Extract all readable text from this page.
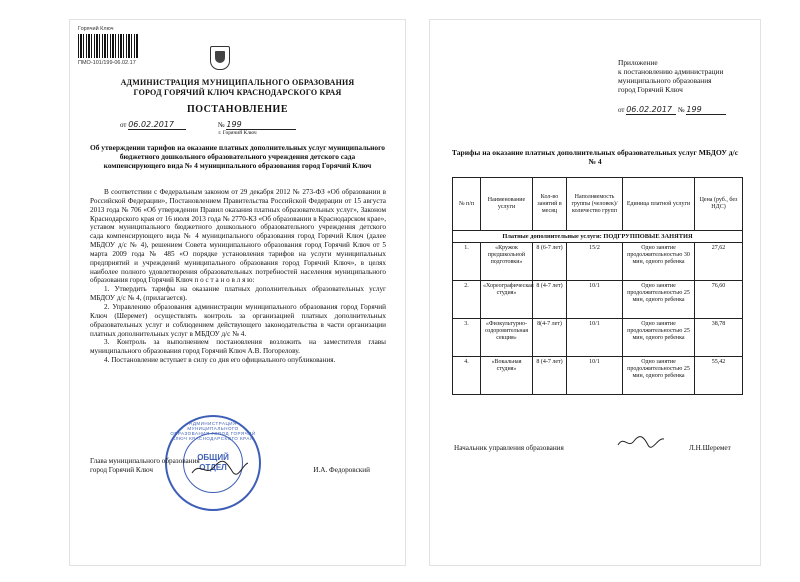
Горячий Ключ
ПМО-101/199-06.02.17
АДМИНИСТРАЦИЯ МУНИЦИПАЛЬНОГО ОБРАЗОВАНИЯ
ГОРОД ГОРЯЧИЙ КЛЮЧ КРАСНОДАРСКОГО КРАЯ
ПОСТАНОВЛЕНИЕ
от 06.02.2017	№ 199
г. Горячий Ключ
Об утверждении тарифов на оказание платных дополнительных услуг муниципального бюджетного дошкольного образовательного учреждения детского сада компенсирующего вида № 4 муниципального образования город Горячий Ключ

В соответствии с Федеральным законом от 29 декабря 2012 № 273-ФЗ «Об образовании в Российской Федерации», Постановлением Правительства Российской Федерации от 15 августа 2013 года № 706 «Об утверждении Правил оказания платных образовательных услуг», Законом Краснодарского края от 16 июля 2013 года № 2770-КЗ «Об образовании в Краснодарском крае», уставом муниципального бюджетного дошкольного образовательного учреждения детского сада компенсирующего вида № 4 муниципального образования город Горячий Ключ (далее МБДОУ д/с № 4), решением Совета муниципального образования город Горячий Ключ от 5 марта 2009 года № 485 «О порядке установления тарифов на услуги муниципальных предприятий и учреждений муниципального образования город Горячий Ключ», в целях наиболее полного удовлетворения образовательных потребностей населения муниципального образования город Горячий Ключ п о с т а н о в л я ю:

1. Утвердить тарифы на оказание платных дополнительных образовательных услуг МБДОУ д/с № 4, (прилагается).

2. Управлению образования администрации муниципального образования город Горячий Ключ (Шеремет) осуществлять контроль за организацией платных дополнительных образовательных услуг и соблюдением действующего законодательства в части организации платных дополнительных услуг в МБДОУ д/с № 4.

3. Контроль за выполнением постановления возложить на заместителя главы муниципального образования город Горячий Ключ А.В. Погорелову.

4. Постановление вступает в силу со дня его официального опубликования.

АДМИНИСТРАЦИЯ МУНИЦИПАЛЬНОГО ОБРАЗОВАНИЯ ГОРОД ГОРЯЧИЙ КЛЮЧ КРАСНОДАРСКОГО КРАЯ
ОБЩИЙ
ОТДЕЛ
Глава муниципального образования
город Горячий Ключ	И.А. Федоровский
Приложение
к постановлению администрации
муниципального образования
город Горячий Ключ
от 06.02.2017 № 199
Тарифы на оказание платных дополнительных образовательных услуг МБДОУ д/с № 4
№ п/п	Наименование услуги	Кол-во занятий в месяц	Наполняемость группы (человек)/ количество групп	Единица платной услуги	Цена (руб., без НДС)
Платные дополнительные услуги: ПОДГРУППОВЫЕ ЗАНЯТИЯ					
1.	«Кружок предшкольной подготовки»	8 (6-7 лет)	15/2	Одно занятие продолжительностью 30 мин, одного ребенка	27,62
2.	«Хореографическая студия»	8 (4-7 лет)	10/1	Одно занятие продолжительностью 25 мин, одного ребенка	76,60
3.	«Физкультурно-оздоровительная секция»	8(4-7 лет)	10/1	Одно занятие продолжительностью 25 мин, одного ребенка	38,78
4.	«Вокальная студия»	8 (4-7 лет)	10/1	Одно занятие продолжительностью 25 мин, одного ребенка	55,42
Начальник управления образования	Л.Н.Шеремет
